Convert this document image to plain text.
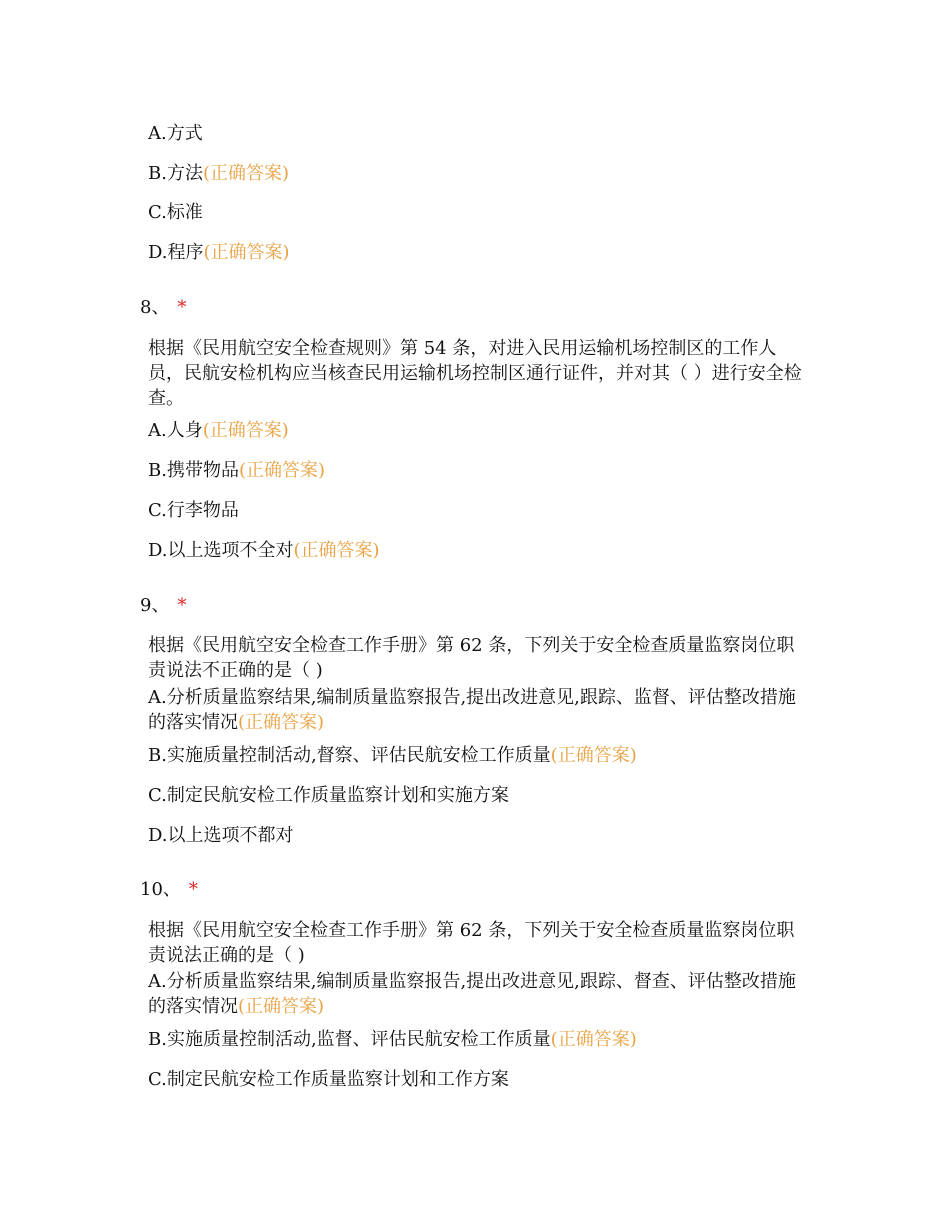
A.方式
B.方法(正确答案)
C.标准
D.程序(正确答案)
8、 *
根据《民用航空安全检查规则》第 54 条，对进入民用运输机场控制区的工作人员，民航安检机构应当核查民用运输机场控制区通行证件，并对其（ ）进行安全检查。
A.人身(正确答案)
B.携带物品(正确答案)
C.行李物品
D.以上选项不全对(正确答案)
9、 *
根据《民用航空安全检查工作手册》第 62 条，下列关于安全检查质量监察岗位职责说法不正确的是（ )
A.分析质量监察结果,编制质量监察报告,提出改进意见,跟踪、监督、评估整改措施的落实情况(正确答案)
B.实施质量控制活动,督察、评估民航安检工作质量(正确答案)
C.制定民航安检工作质量监察计划和实施方案
D.以上选项不都对
10、 *
根据《民用航空安全检查工作手册》第 62 条，下列关于安全检查质量监察岗位职责说法正确的是（ )
A.分析质量监察结果,编制质量监察报告,提出改进意见,跟踪、督查、评估整改措施的落实情况(正确答案)
B.实施质量控制活动,监督、评估民航安检工作质量(正确答案)
C.制定民航安检工作质量监察计划和工作方案
